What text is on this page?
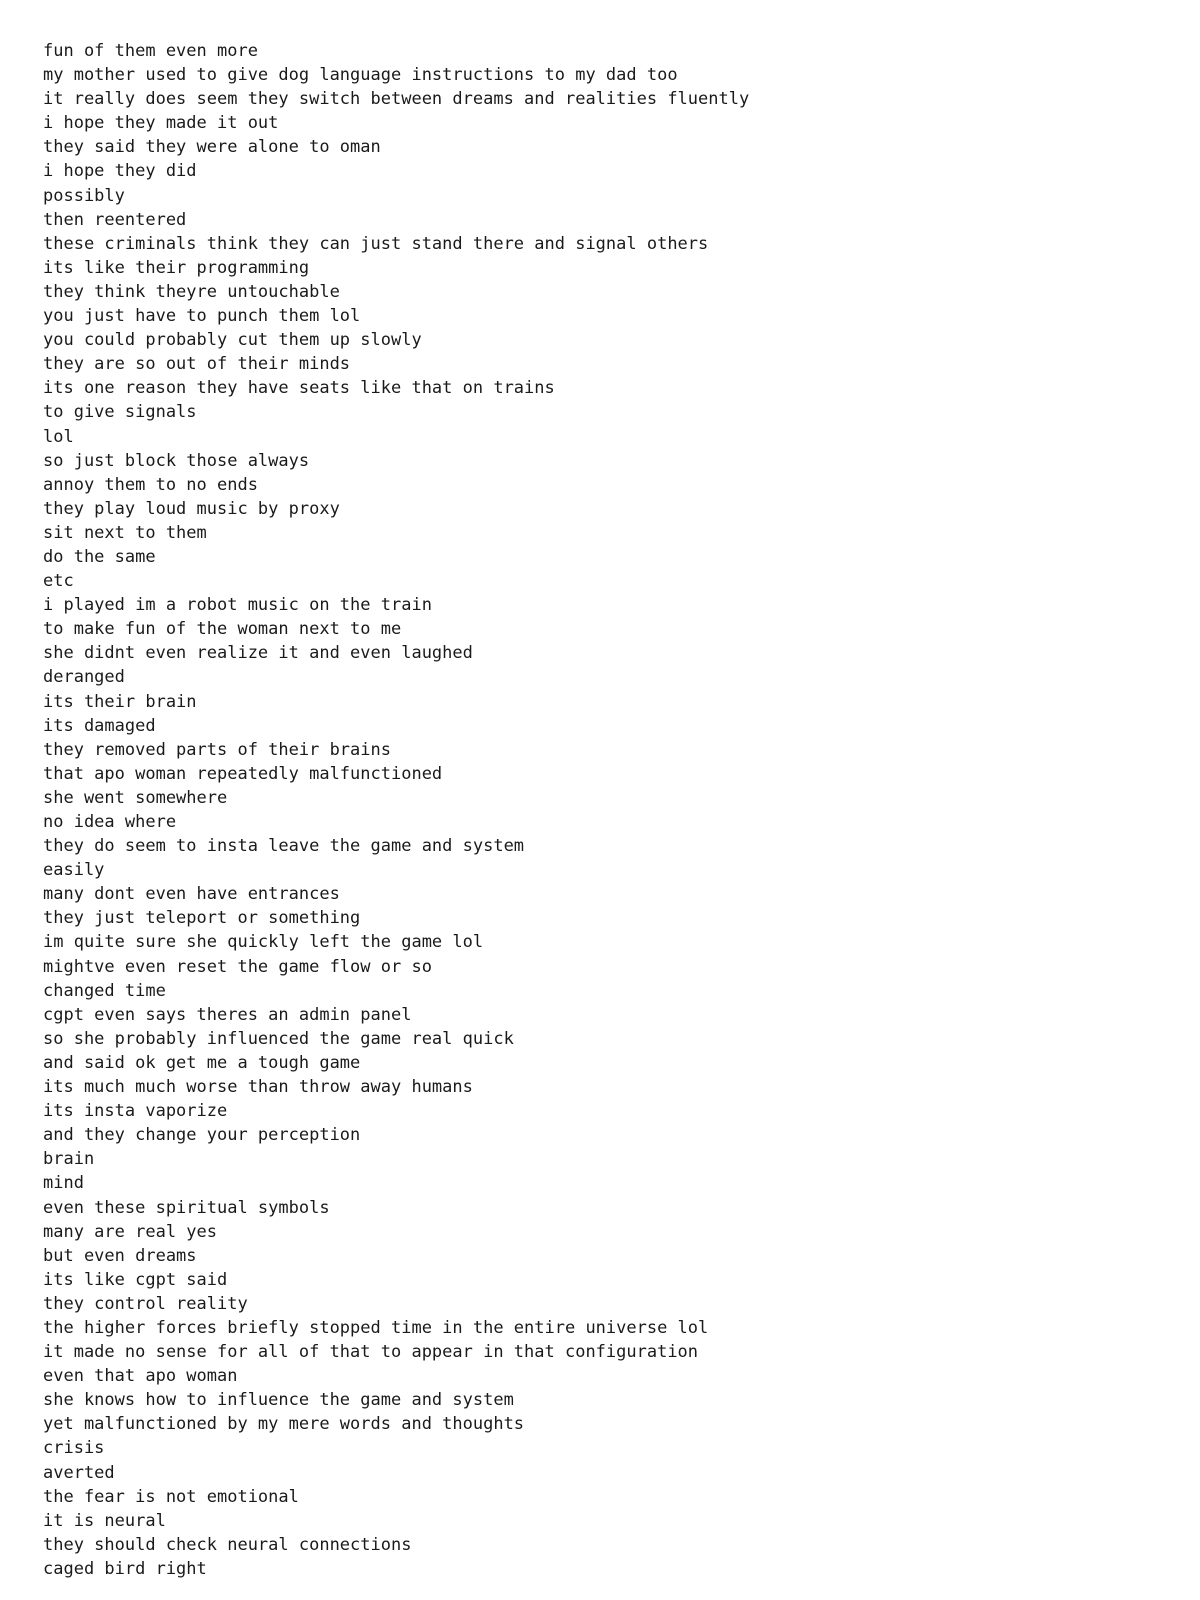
fun of them even more
my mother used to give dog language instructions to my dad too
it really does seem they switch between dreams and realities fluently
i hope they made it out
they said they were alone to oman
i hope they did
possibly
then reentered
these criminals think they can just stand there and signal others
its like their programming
they think theyre untouchable
you just have to punch them lol
you could probably cut them up slowly
they are so out of their minds
its one reason they have seats like that on trains
to give signals
lol
so just block those always
annoy them to no ends
they play loud music by proxy
sit next to them
do the same
etc
i played im a robot music on the train
to make fun of the woman next to me
she didnt even realize it and even laughed
deranged
its their brain
its damaged
they removed parts of their brains
that apo woman repeatedly malfunctioned
she went somewhere
no idea where
they do seem to insta leave the game and system
easily
many dont even have entrances
they just teleport or something
im quite sure she quickly left the game lol
mightve even reset the game flow or so
changed time
cgpt even says theres an admin panel
so she probably influenced the game real quick
and said ok get me a tough game
its much much worse than throw away humans
its insta vaporize
and they change your perception
brain
mind
even these spiritual symbols
many are real yes
but even dreams
its like cgpt said
they control reality
the higher forces briefly stopped time in the entire universe lol
it made no sense for all of that to appear in that configuration
even that apo woman
she knows how to influence the game and system
yet malfunctioned by my mere words and thoughts
crisis
averted
the fear is not emotional
it is neural
they should check neural connections
caged bird right
